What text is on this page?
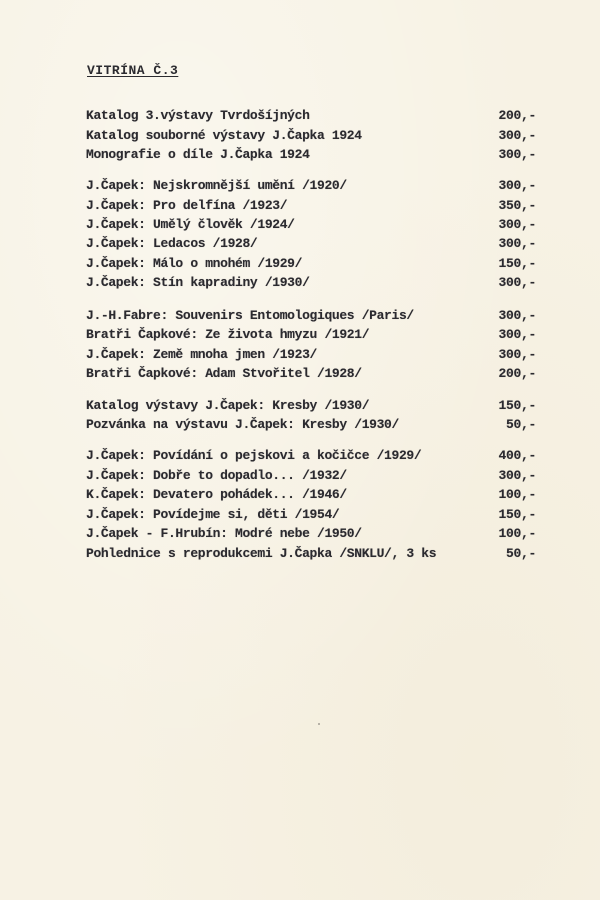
VITRÍNA Č.3
Katalog 3.výstavy Tvrdošíjných	200,-
Katalog souborné výstavy J.Čapka 1924	300,-
Monografie o díle J.Čapka 1924	300,-
J.Čapek: Nejskromnější umění /1920/	300,-
J.Čapek: Pro delfína /1923/	350,-
J.Čapek: Umělý člověk /1924/	300,-
J.Čapek: Ledacos /1928/	300,-
J.Čapek: Málo o mnohém /1929/	150,-
J.Čapek: Stín kapradiny /1930/	300,-
J.-H.Fabre: Souvenirs Entomologiques /Paris/	300,-
Bratři Čapkové: Ze života hmyzu /1921/	300,-
J.Čapek: Země mnoha jmen /1923/	300,-
Bratři Čapkové: Adam Stvořitel /1928/	200,-
Katalog výstavy J.Čapek: Kresby /1930/	150,-
Pozvánka na výstavu J.Čapek: Kresby /1930/	50,-
J.Čapek: Povídání o pejskovi a kočičce /1929/	400,-
J.Čapek: Dobře to dopadlo... /1932/	300,-
K.Čapek: Devatero pohádek... /1946/	100,-
J.Čapek: Povídejme si, děti /1954/	150,-
J.Čapek - F.Hrubín: Modré nebe /1950/	100,-
Pohlednice s reprodukcemi J.Čapka /SNKLU/, 3 ks	50,-
